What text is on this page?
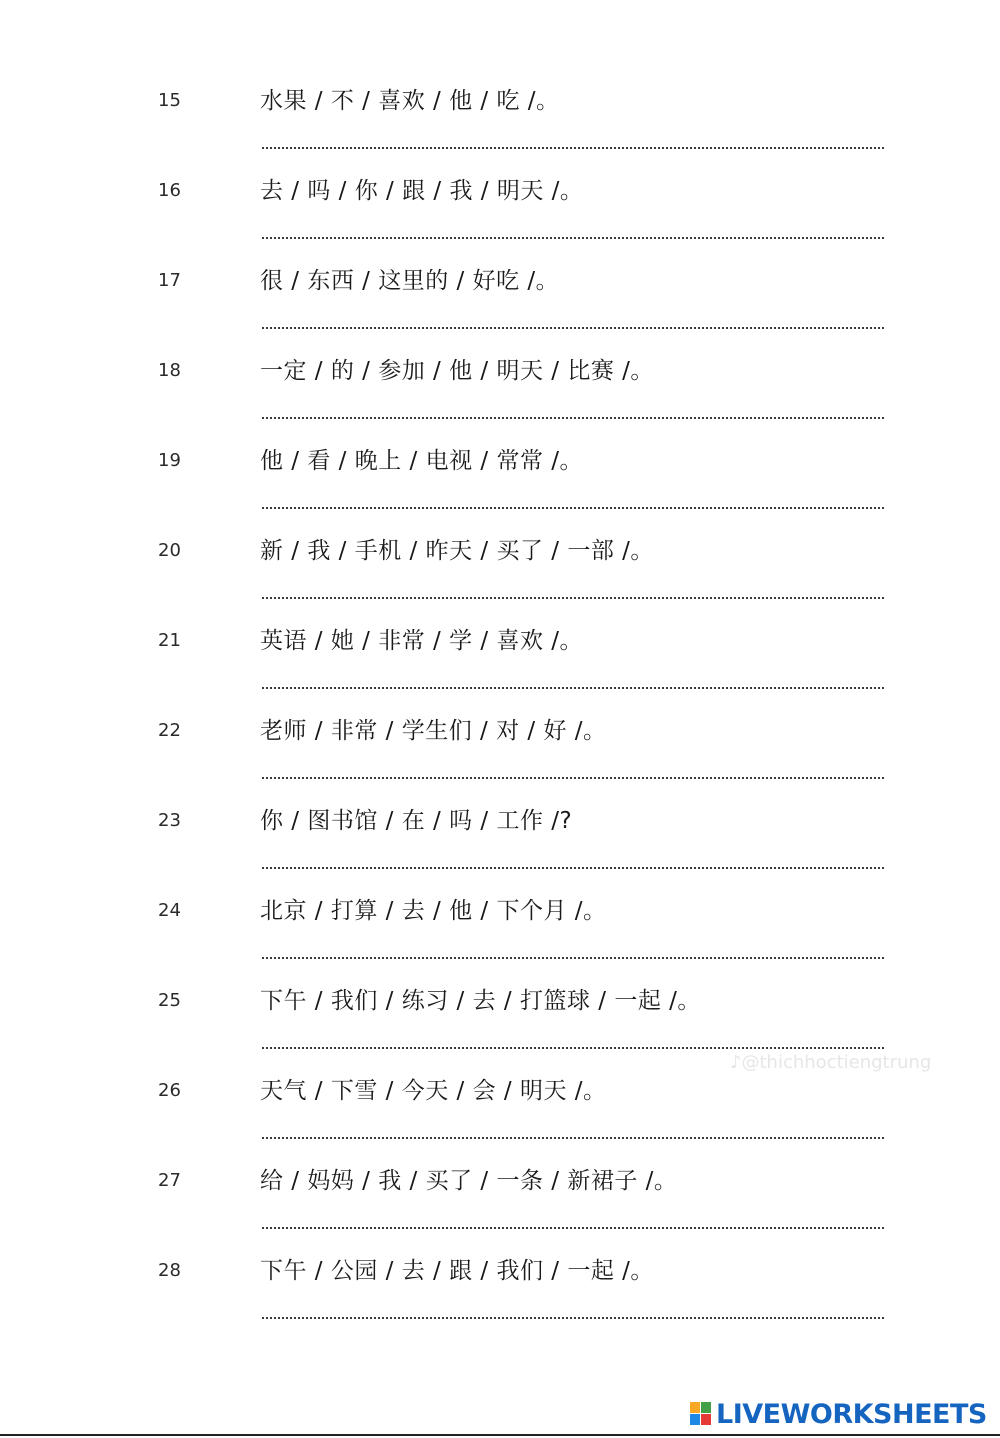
15	水果 / 不 / 喜欢 / 他 / 吃 /。
16	去 / 吗 / 你 / 跟 / 我 / 明天 /。
17	很 / 东西 / 这里的 / 好吃 /。
18	一定 / 的 / 参加 / 他 / 明天 / 比赛 /。
19	他 / 看 / 晚上 / 电视 / 常常 /。
20	新 / 我 / 手机 / 昨天 / 买了 / 一部 /。
21	英语 / 她 / 非常 / 学 / 喜欢 /。
22	老师 / 非常 / 学生们 / 对 / 好 /。
23	你 / 图书馆 / 在 / 吗 / 工作 /?
24	北京 / 打算 / 去 / 他 / 下个月 /。
25	下午 / 我们 / 练习 / 去 / 打篮球 / 一起 /。
26	天气 / 下雪 / 今天 / 会 / 明天 /。
27	给 / 妈妈 / 我 / 买了 / 一条 / 新裙子 /。
28	下午 / 公园 / 去 / 跟 / 我们 / 一起 /。
♪@thichhoctiengtrung
LIVEWORKSHEETS
